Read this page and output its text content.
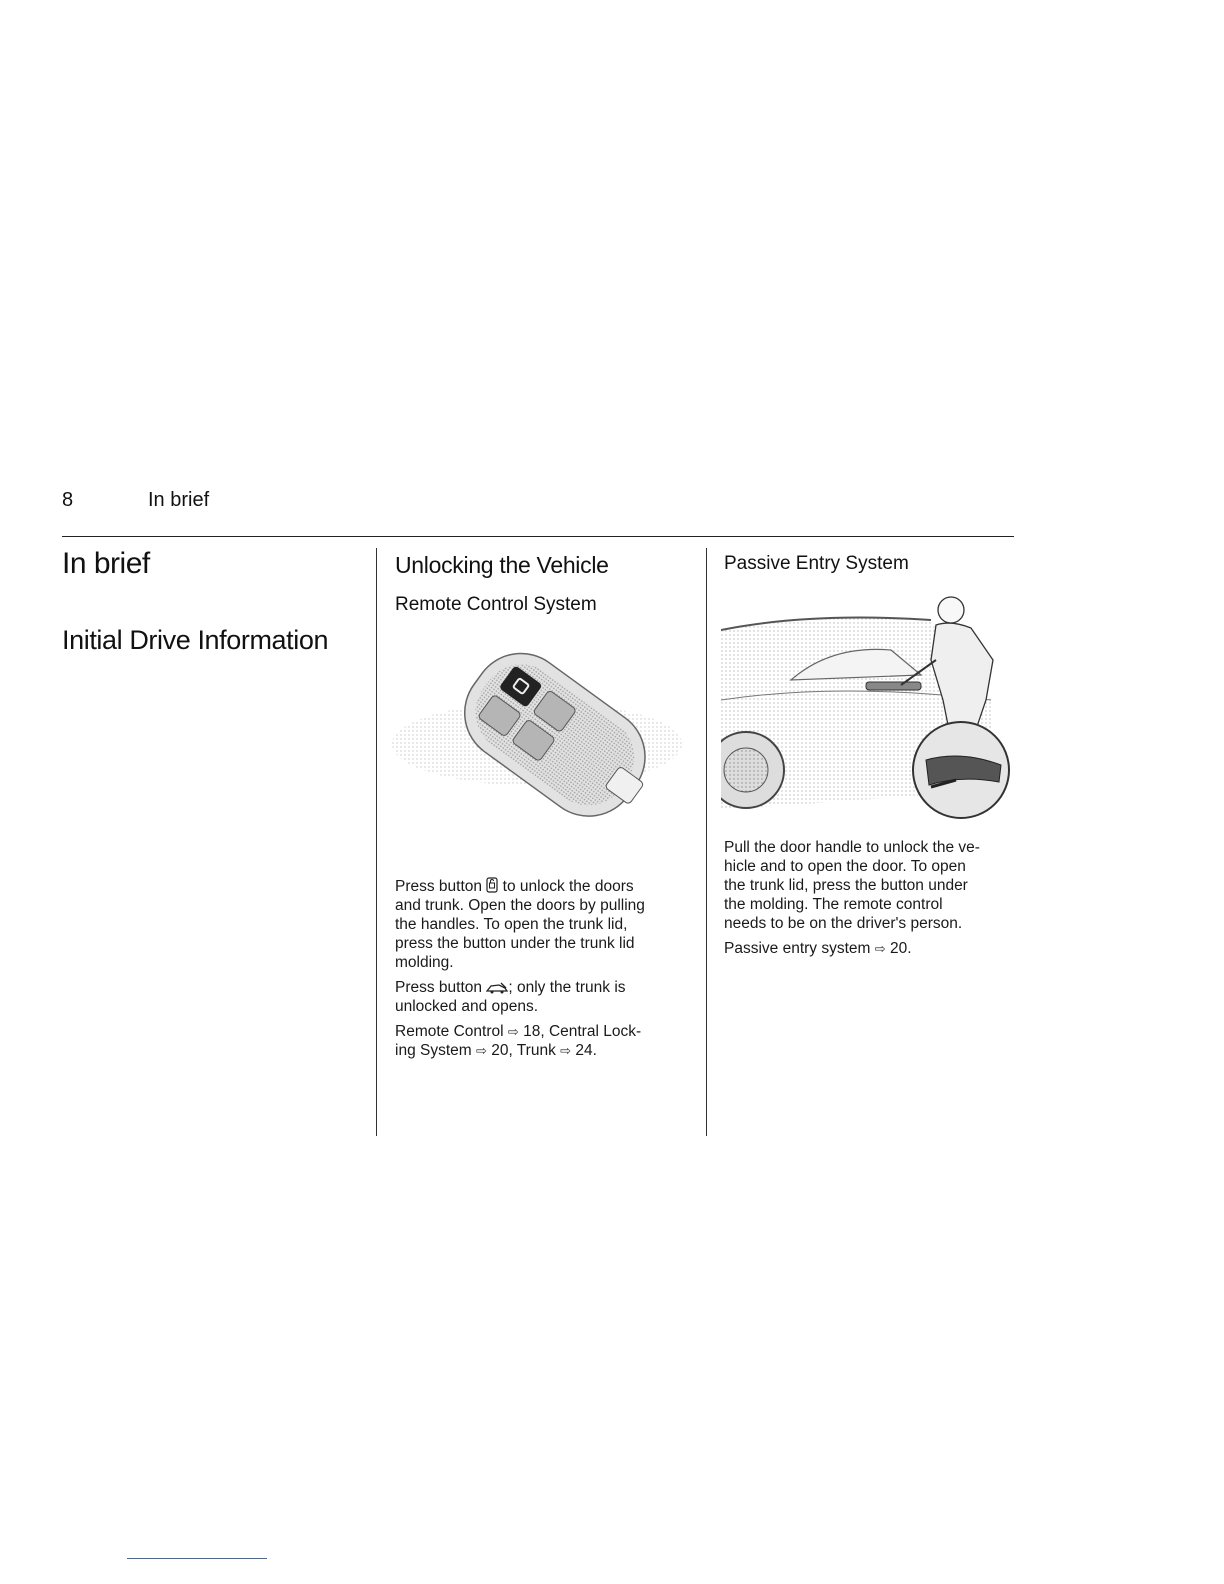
8	In brief
In brief
Initial Drive Information
Unlocking the Vehicle
Remote Control System

Press button  to unlock the doors
and trunk. Open the doors by pulling
the handles. To open the trunk lid,
press the button under the trunk lid
molding.

Press button ; only the trunk is
unlocked and opens.

Remote Control ⇨ 18, Central Lock-
ing System ⇨ 20, Trunk ⇨ 24.

Passive Entry System

Pull the door handle to unlock the ve-
hicle and to open the door. To open
the trunk lid, press the button under
the molding. The remote control
needs to be on the driver's person.

Passive entry system ⇨ 20.
